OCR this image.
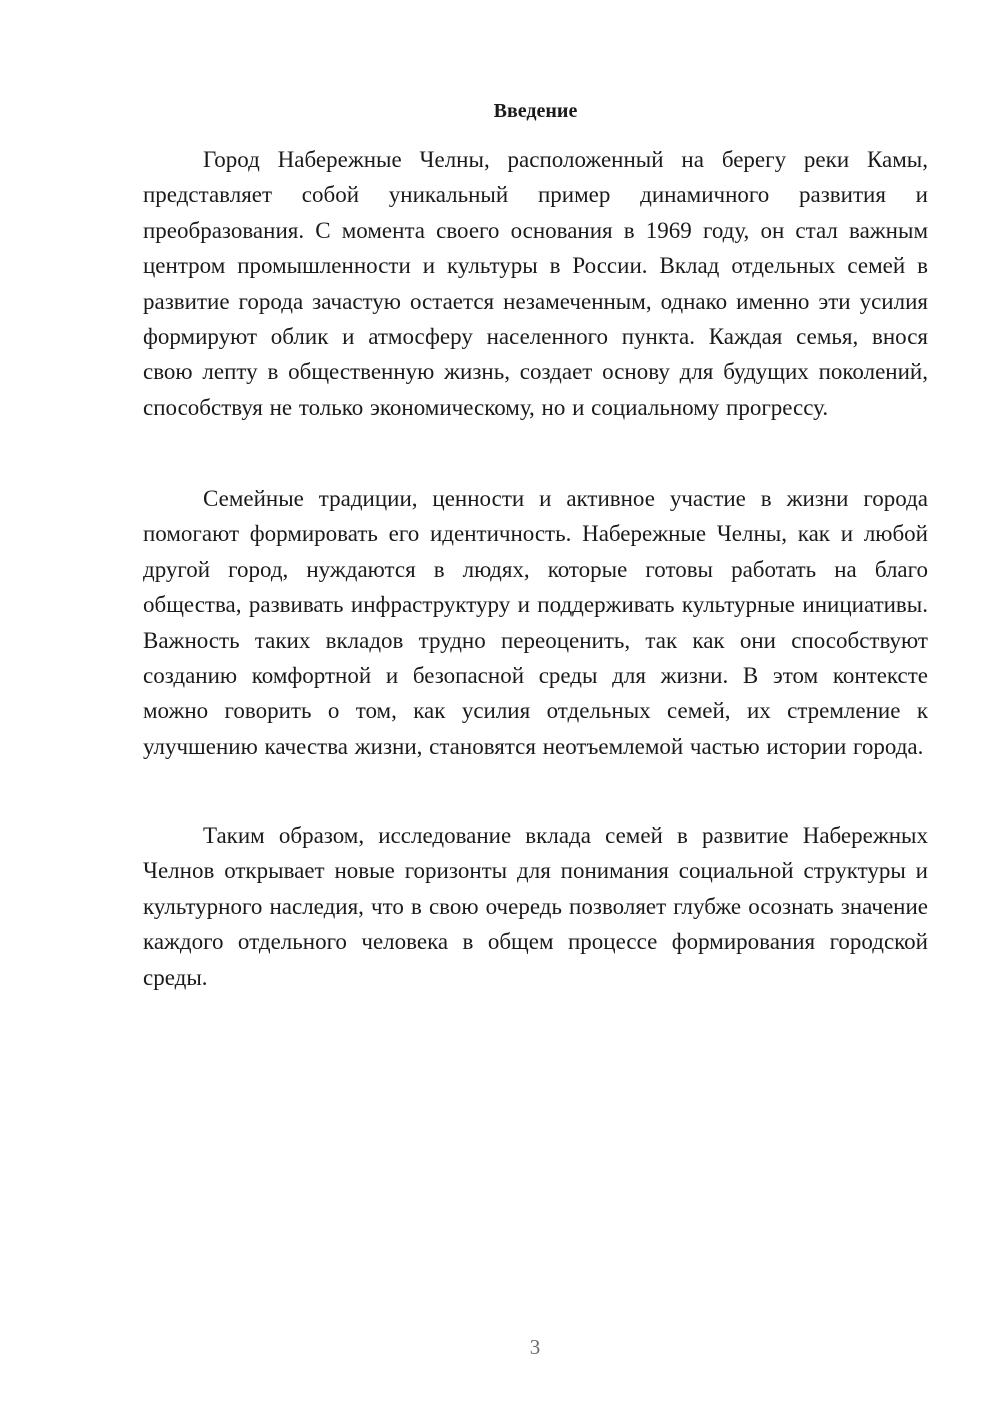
Введение

Город Набережные Челны, расположенный на берегу реки Камы, представляет собой уникальный пример динамичного развития и преобразования. С момента своего основания в 1969 году, он стал важным центром промышленности и культуры в России. Вклад отдельных семей в развитие города зачастую остается незамеченным, однако именно эти усилия формируют облик и атмосферу населенного пункта. Каждая семья, внося свою лепту в общественную жизнь, создает основу для будущих поколений, способствуя не только экономическому, но и социальному прогрессу.

Семейные традиции, ценности и активное участие в жизни города помогают формировать его идентичность. Набережные Челны, как и любой другой город, нуждаются в людях, которые готовы работать на благо общества, развивать инфраструктуру и поддерживать культурные инициативы. Важность таких вкладов трудно переоценить, так как они способствуют созданию комфортной и безопасной среды для жизни. В этом контексте можно говорить о том, как усилия отдельных семей, их стремление к улучшению качества жизни, становятся неотъемлемой частью истории города.

Таким образом, исследование вклада семей в развитие Набережных Челнов открывает новые горизонты для понимания социальной структуры и культурного наследия, что в свою очередь позволяет глубже осознать значение каждого отдельного человека в общем процессе формирования городской среды.

3
